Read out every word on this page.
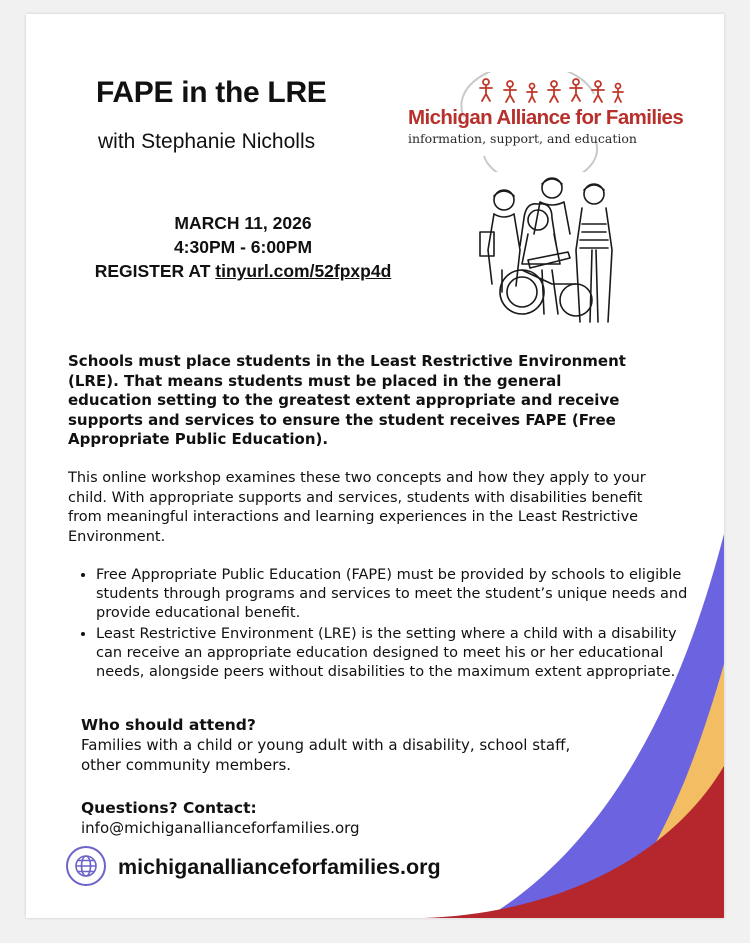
FAPE in the LRE
with Stephanie Nicholls
MARCH 11, 2026
4:30PM - 6:00PM
REGISTER AT tinyurl.com/52fpxp4d
Michigan Alliance for Families
information, support, and education
Schools must place students in the Least Restrictive Environment (LRE). That means students must be placed in the general education setting to the greatest extent appropriate and receive supports and services to ensure the student receives FAPE (Free Appropriate Public Education).
This online workshop examines these two concepts and how they apply to your child. With appropriate supports and services, students with disabilities benefit from meaningful interactions and learning experiences in the Least Restrictive Environment.
• Free Appropriate Public Education (FAPE) must be provided by schools to eligible students through programs and services to meet the student’s unique needs and provide educational benefit.
• Least Restrictive Environment (LRE) is the setting where a child with a disability can receive an appropriate education designed to meet his or her educational needs, alongside peers without disabilities to the maximum extent appropriate.
Who should attend?
Families with a child or young adult with a disability, school staff, other community members.
Questions? Contact:
info@michiganallianceforfamilies.org
michiganallianceforfamilies.org
